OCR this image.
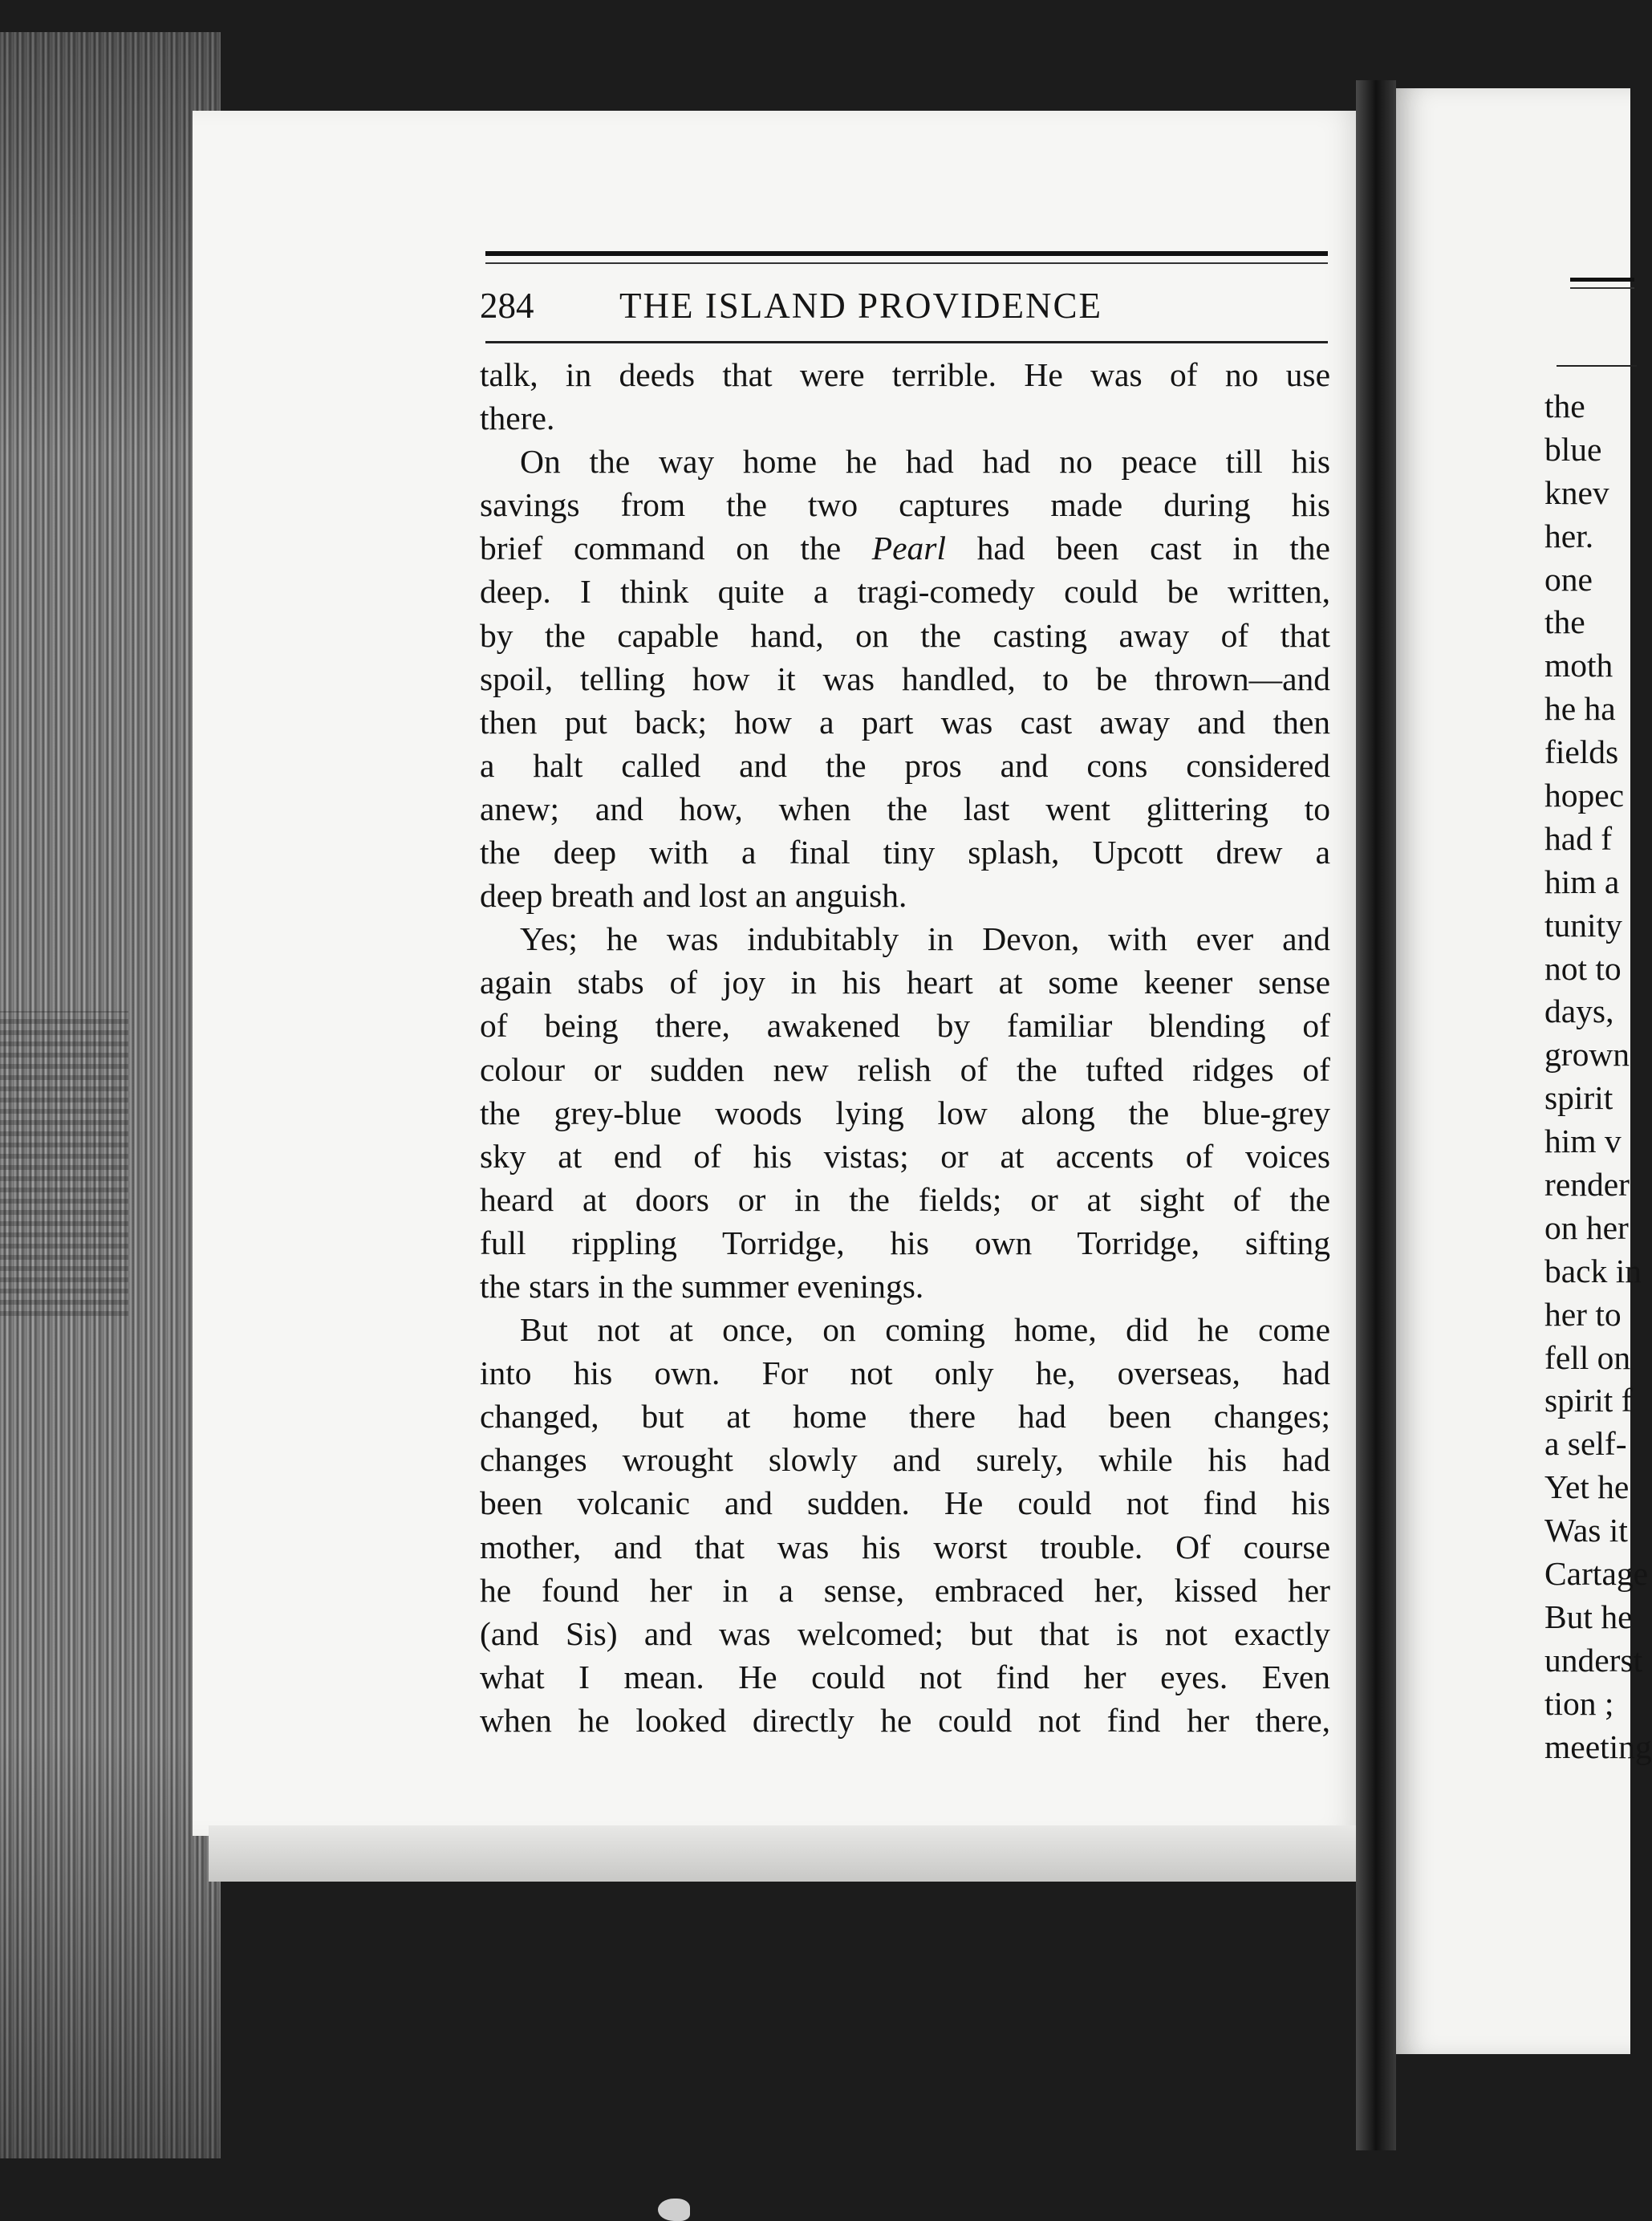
284 THE ISLAND PROVIDENCE
talk, in deeds that were terrible. He was of no use
there.
On the way home he had had no peace till his
savings from the two captures made during his
brief command on the Pearl had been cast in the
deep. I think quite a tragi-comedy could be written,
by the capable hand, on the casting away of that
spoil, telling how it was handled, to be thrown—and
then put back; how a part was cast away and then
a halt called and the pros and cons considered
anew; and how, when the last went glittering to
the deep with a final tiny splash, Upcott drew a
deep breath and lost an anguish.
Yes; he was indubitably in Devon, with ever and
again stabs of joy in his heart at some keener sense
of being there, awakened by familiar blending of
colour or sudden new relish of the tufted ridges of
the grey-blue woods lying low along the blue-grey
sky at end of his vistas; or at accents of voices
heard at doors or in the fields; or at sight of the
full rippling Torridge, his own Torridge, sifting
the stars in the summer evenings.
But not at once, on coming home, did he come
into his own. For not only he, overseas, had
changed, but at home there had been changes;
changes wrought slowly and surely, while his had
been volcanic and sudden. He could not find his
mother, and that was his worst trouble. Of course
he found her in a sense, embraced her, kissed her
(and Sis) and was welcomed; but that is not exactly
what I mean. He could not find her eyes. Even
when he looked directly he could not find her there,
the
blue
knev
her.
one
the
moth
he ha
fields
hopec
had f
him a
tunity
not to
days,
grown
spirit
him v
render
on her
back in
her to
fell on
spirit f
a self-
Yet he
Was it
Cartage
But he
underst
tion ;
meeting
